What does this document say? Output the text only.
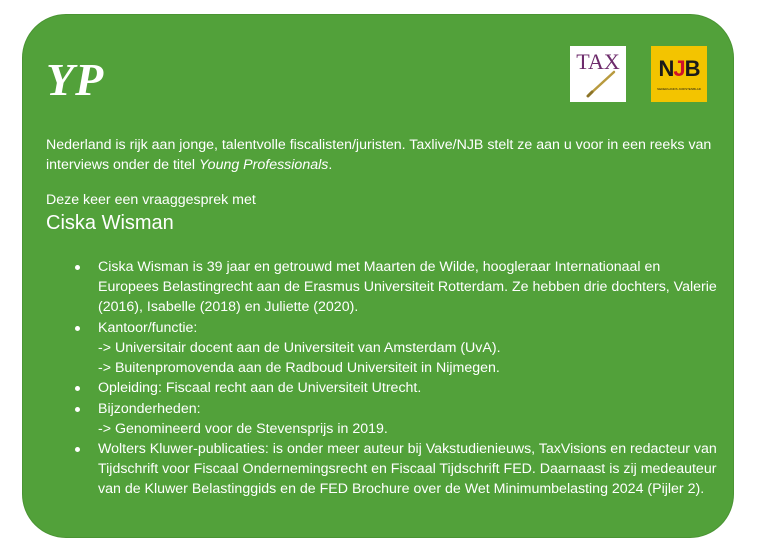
YP	TAX	NJB
NEDERLANDS JURISTENBLAD

Nederland is rijk aan jonge, talentvolle fiscalisten/juristen. Taxlive/NJB stelt ze aan u voor in een reeks van interviews onder de titel Young Professionals.

Deze keer een vraaggesprek met

Ciska Wisman

Ciska Wisman is 39 jaar en getrouwd met Maarten de Wilde, hoogleraar Internationaal en Europees Belastingrecht aan de Erasmus Universiteit Rotterdam. Ze hebben drie dochters, Valerie (2016), Isabelle (2018) en Juliette (2020).
Kantoor/functie:
-> Universitair docent aan de Universiteit van Amsterdam (UvA).
-> Buitenpromovenda aan de Radboud Universiteit in Nijmegen.
Opleiding: Fiscaal recht aan de Universiteit Utrecht.
Bijzonderheden:
-> Genomineerd voor de Stevensprijs in 2019.
Wolters Kluwer-publicaties: is onder meer auteur bij Vakstudienieuws, TaxVisions en redacteur van Tijdschrift voor Fiscaal Ondernemingsrecht en Fiscaal Tijdschrift FED. Daarnaast is zij medeauteur van de Kluwer Belastinggids en de FED Brochure over de Wet Minimumbelasting 2024 (Pijler 2).
